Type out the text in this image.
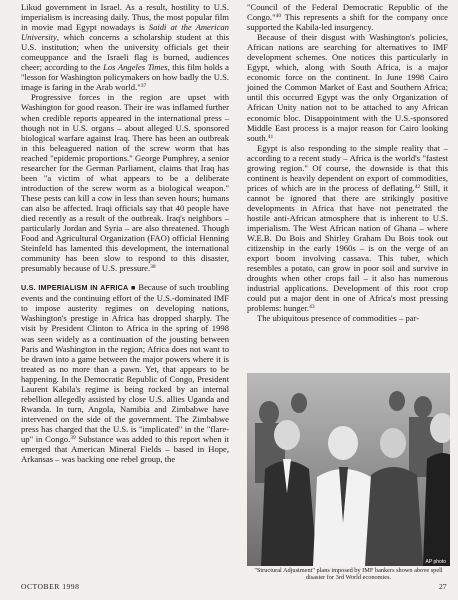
Likud government in Israel. As a result, hostility to U.S. imperialism is increasing daily. Thus, the most popular film in movie mad Egypt nowadays is Saidi at the American University, which concerns a scholarship student at this U.S. institution; when the university officials get their comeuppance and the Israeli flag is burned, audiences cheer; according to the Los Angeles Times, this film holds a "lesson for Washington policymakers on how badly the U.S. image is faring in the Arab world."$^{37}$

Progressive forces in the region are upset with Washington for good reason. Their ire was inflamed further when credible reports appeared in the international press – though not in U.S. organs – about alleged U.S. sponsored biological warfare against Iraq. There has been an outbreak in this beleaguered nation of the screw worm that has reached "epidemic proportions." George Pumphrey, a senior researcher for the German Parliament, claims that Iraq has been "a victim of what appears to be a deliberate introduction of the screw worm as a biological weapon." These pests can kill a cow in less than seven hours; humans can also be affected. Iraqi officials say that 40 people have died recently as a result of the outbreak. Iraq's neighbors – particularly Jordan and Syria – are also threatened. Though Food and Agricultural Organization (FAO) official Henning Steinfeld has lamented this development, the international community has been slow to respond to this disaster, presumably because of U.S. pressure.$^{38}$

U.S. IMPERIALISM IN AFRICA ■ Because of such troubling events and the continuing effort of the U.S.-dominated IMF to impose austerity regimes on developing nations, Washington's prestige in Africa has dropped sharply. The visit by President Clinton to Africa in the spring of 1998 was seen widely as a continuation of the jousting between Paris and Washington in the region; Africa does not want to be drawn into a game between the major powers where it is treated as no more than a pawn. Yet, that appears to be happening. In the Democratic Republic of Congo, President Laurent Kabila's regime is being rocked by an internal rebellion allegedly assisted by close U.S. allies Uganda and Rwanda. In turn, Angola, Namibia and Zimbabwe have intervened on the side of the government. The Zimbabwe press has charged that the U.S. is "implicated" in the "flare-up" in Congo.$^{39}$ Substance was added to this report when it emerged that American Mineral Fields – based in Hope, Arkansas – was backing one rebel group, the

"Council of the Federal Democratic Republic of the Congo."$^{40}$ This represents a shift for the company once supported the Kabila-led insurgency.

Because of their disgust with Washington's policies, African nations are searching for alternatives to IMF development schemes. One notices this particularly in Egypt, which, along with South Africa, is a major economic force on the continent. In June 1998 Cairo joined the Common Market of East and Southern Africa; until this occurred Egypt was the only Organization of African Unity nation not to be attached to any African economic bloc. Disappointment with the U.S.-sponsored Middle East process is a major reason for Cairo looking south.$^{41}$

Egypt is also responding to the simple reality that – according to a recent study – Africa is the world's "fastest growing region." Of course, the downside is that this continent is heavily dependent on export of commodities, prices of which are in the process of deflating.$^{42}$ Still, it cannot be ignored that there are strikingly positive developments in Africa that have not penetrated the hostile anti-African atmosphere that is inherent to U.S. imperialism. The West African nation of Ghana – where W.E.B. Du Bois and Shirley Graham Du Bois took out citizenship in the early 1960s – is on the verge of an export boom involving cassava. This tuber, which resembles a potato, can grow in poor soil and survive in droughts when other crops fail – it also has numerous industrial applications. Development of this root crop could put a major dent in one of Africa's most pressing problems: hunger.$^{43}$

The ubiquitous presence of commodities – par-

AP photo
"Structural Adjustment" plans imposed by IMF bankers shown above spell disaster for 3rd World economies.
OCTOBER 1998	27
